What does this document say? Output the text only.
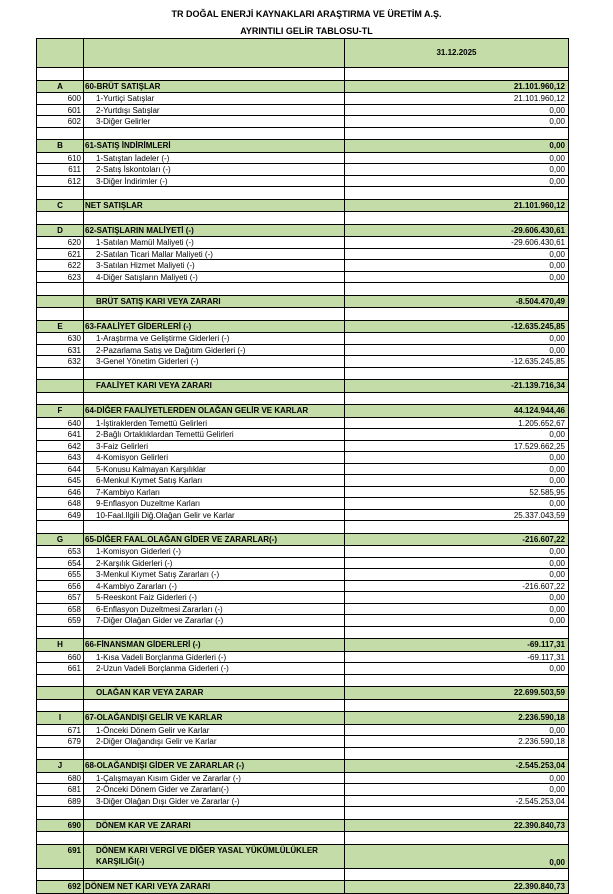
TR DOĞAL ENERJİ KAYNAKLARI ARAŞTIRMA VE ÜRETİM A.Ş.
AYRINTILI GELİR TABLOSU-TL
31.12.2025
A	60-BRÜT SATIŞLAR	21.101.960,12
600	1-Yurtiçi Satışlar	21.101.960,12
601	2-Yurtdışı Satışlar	0,00
602	3-Diğer Gelirler	0,00
B	61-SATIŞ İNDİRİMLERİ	0,00
610	1-Satıştan İadeler (-)	0,00
611	2-Satış İskontoları (-)	0,00
612	3-Diğer İndirimler (-)	0,00
C	NET SATIŞLAR	21.101.960,12
D	62-SATIŞLARIN MALİYETİ (-)	-29.606.430,61
620	1-Satılan Mamül Maliyeti (-)	-29.606.430,61
621	2-Satılan Ticari Mallar Maliyeti (-)	0,00
622	3-Satılan Hizmet Maliyeti (-)	0,00
623	4-Diğer Satışların Maliyeti (-)	0,00
BRÜT SATIŞ KARI VEYA ZARARI	-8.504.470,49
E	63-FAALİYET GİDERLERİ (-)	-12.635.245,85
630	1-Araştırma ve Geliştirme Giderleri (-)	0,00
631	2-Pazarlama Satış ve Dağıtım Giderleri (-)	0,00
632	3-Genel Yönetim Giderleri (-)	-12.635.245,85
FAALİYET KARI VEYA ZARARI	-21.139.716,34
F	64-DİĞER FAALİYETLERDEN OLAĞAN GELİR VE KARLAR	44.124.944,46
640	1-İştiraklerden Temettü Gelirleri	1.205.652,67
641	2-Bağlı Ortaklıklardan Temettü Gelirleri	0,00
642	3-Faiz Gelirleri	17.529.662,25
643	4-Komisyon Gelirleri	0,00
644	5-Konusu Kalmayan Karşılıklar	0,00
645	6-Menkul Kıymet Satış Karları	0,00
646	7-Kambiyo Karları	52.585,95
648	9-Enflasyon Duzeltme Karları	0,00
649	10-Faal.Ilgili Diğ.Olağan Gelir ve Karlar	25.337.043,59
G	65-DİĞER FAAL.OLAĞAN GİDER VE ZARARLAR(-)	-216.607,22
653	1-Komisyon Giderleri (-)	0,00
654	2-Karşılık Giderleri (-)	0,00
655	3-Menkul Kıymet Satış Zararları (-)	0,00
656	4-Kambiyo Zararları (-)	-216.607,22
657	5-Reeskont Faiz Giderleri (-)	0,00
658	6-Enflasyon Duzeltmesi Zararları (-)	0,00
659	7-Diğer Olağan Gider ve Zararlar (-)	0,00
H	66-FİNANSMAN GİDERLERİ (-)	-69.117,31
660	1-Kısa Vadeli Borçlanma Giderleri (-)	-69.117,31
661	2-Uzun Vadeli Borçlanma Giderleri (-)	0,00
OLAĞAN KAR VEYA ZARAR	22.699.503,59
I	67-OLAĞANDIŞI GELİR VE KARLAR	2.236.590,18
671	1-Önceki Dönem Gelir ve Karlar	0,00
679	2-Diğer Olağandışı Gelir ve Karlar	2.236.590,18
J	68-OLAĞANDIŞI GİDER VE ZARARLAR (-)	-2.545.253,04
680	1-Çalışmayan Kısım Gider ve Zararlar (-)	0,00
681	2-Önceki Dönem Gider ve Zararları(-)	0,00
689	3-Diğer Olağan Dışı Gider ve Zararlar (-)	-2.545.253,04
690	DÖNEM KAR VE ZARARI	22.390.840,73
691	DÖNEM KARI VERGİ VE DİĞER YASAL YÜKÜMLÜLÜKLER KARŞILIĞI(-)	0,00
692 DÖNEM NET KARI VEYA ZARARI	22.390.840,73
